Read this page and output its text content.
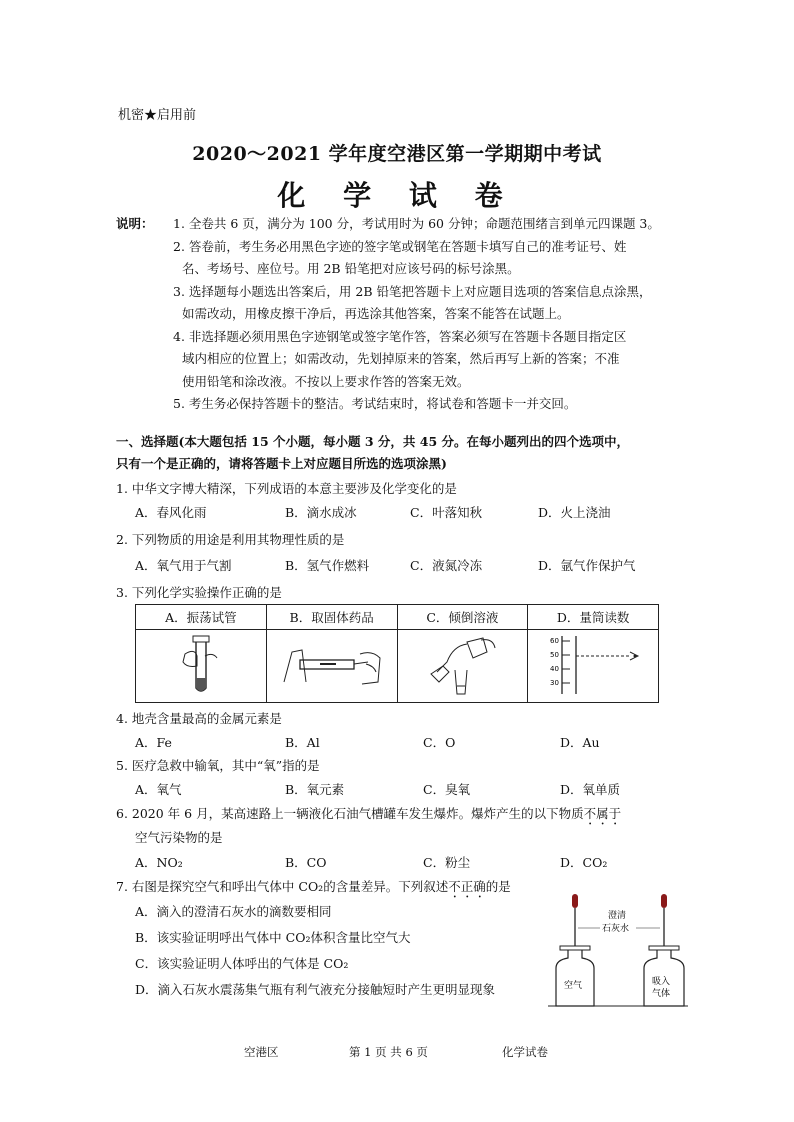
机密★启用前
2020～2021 学年度空港区第一学期期中考试
化 学 试 卷
说明： 1. 全卷共 6 页，满分为 100 分，考试用时为 60 分钟；命题范围绪言到单元四课题 3。
2. 答卷前，考生务必用黑色字迹的签字笔或钢笔在答题卡填写自己的准考证号、姓
名、考场号、座位号。用 2B 铅笔把对应该号码的标号涂黑。
3. 选择题每小题选出答案后，用 2B 铅笔把答题卡上对应题目选项的答案信息点涂黑，
如需改动，用橡皮擦干净后，再选涂其他答案，答案不能答在试题上。
4. 非选择题必须用黑色字迹钢笔或签字笔作答，答案必须写在答题卡各题目指定区
域内相应的位置上；如需改动，先划掉原来的答案，然后再写上新的答案；不准
使用铅笔和涂改液。不按以上要求作答的答案无效。
5. 考生务必保持答题卡的整洁。考试结束时，将试卷和答题卡一并交回。
一、选择题(本大题包括 15 个小题，每小题 3 分，共 45 分。在每小题列出的四个选项中，
只有一个是正确的，请将答题卡上对应题目所选的选项涂黑)
1. 中华文字博大精深，下列成语的本意主要涉及化学变化的是
A．春风化雨	B．滴水成冰	C．叶落知秋	D．火上浇油
2. 下列物质的用途是利用其物理性质的是
A．氧气用于气割	B．氢气作燃料	C．液氮冷冻	D．氩气作保护气
3. 下列化学实验操作正确的是
A．振荡试管	B．取固体药品	C．倾倒溶液	D．量筒读数

60
50
40
30
4. 地壳含量最高的金属元素是
A．Fe	B．Al	C．O	D．Au
5. 医疗急救中输氧，其中“氧”指的是
A．氧气	B．氧元素	C．臭氧	D．氧单质
6. 2020 年 6 月，某高速路上一辆液化石油气槽罐车发生爆炸。爆炸产生的以下物质不属于
空气污染物的是
A．NO₂	B．CO	C．粉尘	D．CO₂
7. 右图是探究空气和呼出气体中 CO₂的含量差异。下列叙述不正确的是
A．滴入的澄清石灰水的滴数要相同
B．该实验证明呼出气体中 CO₂体积含量比空气大
C．该实验证明人体呼出的气体是 CO₂
D．滴入石灰水震荡集气瓶有利气液充分接触短时产生更明显现象
澄清
石灰水
空气	吸入
气体
空港区	第 1 页 共 6 页	化学试卷
